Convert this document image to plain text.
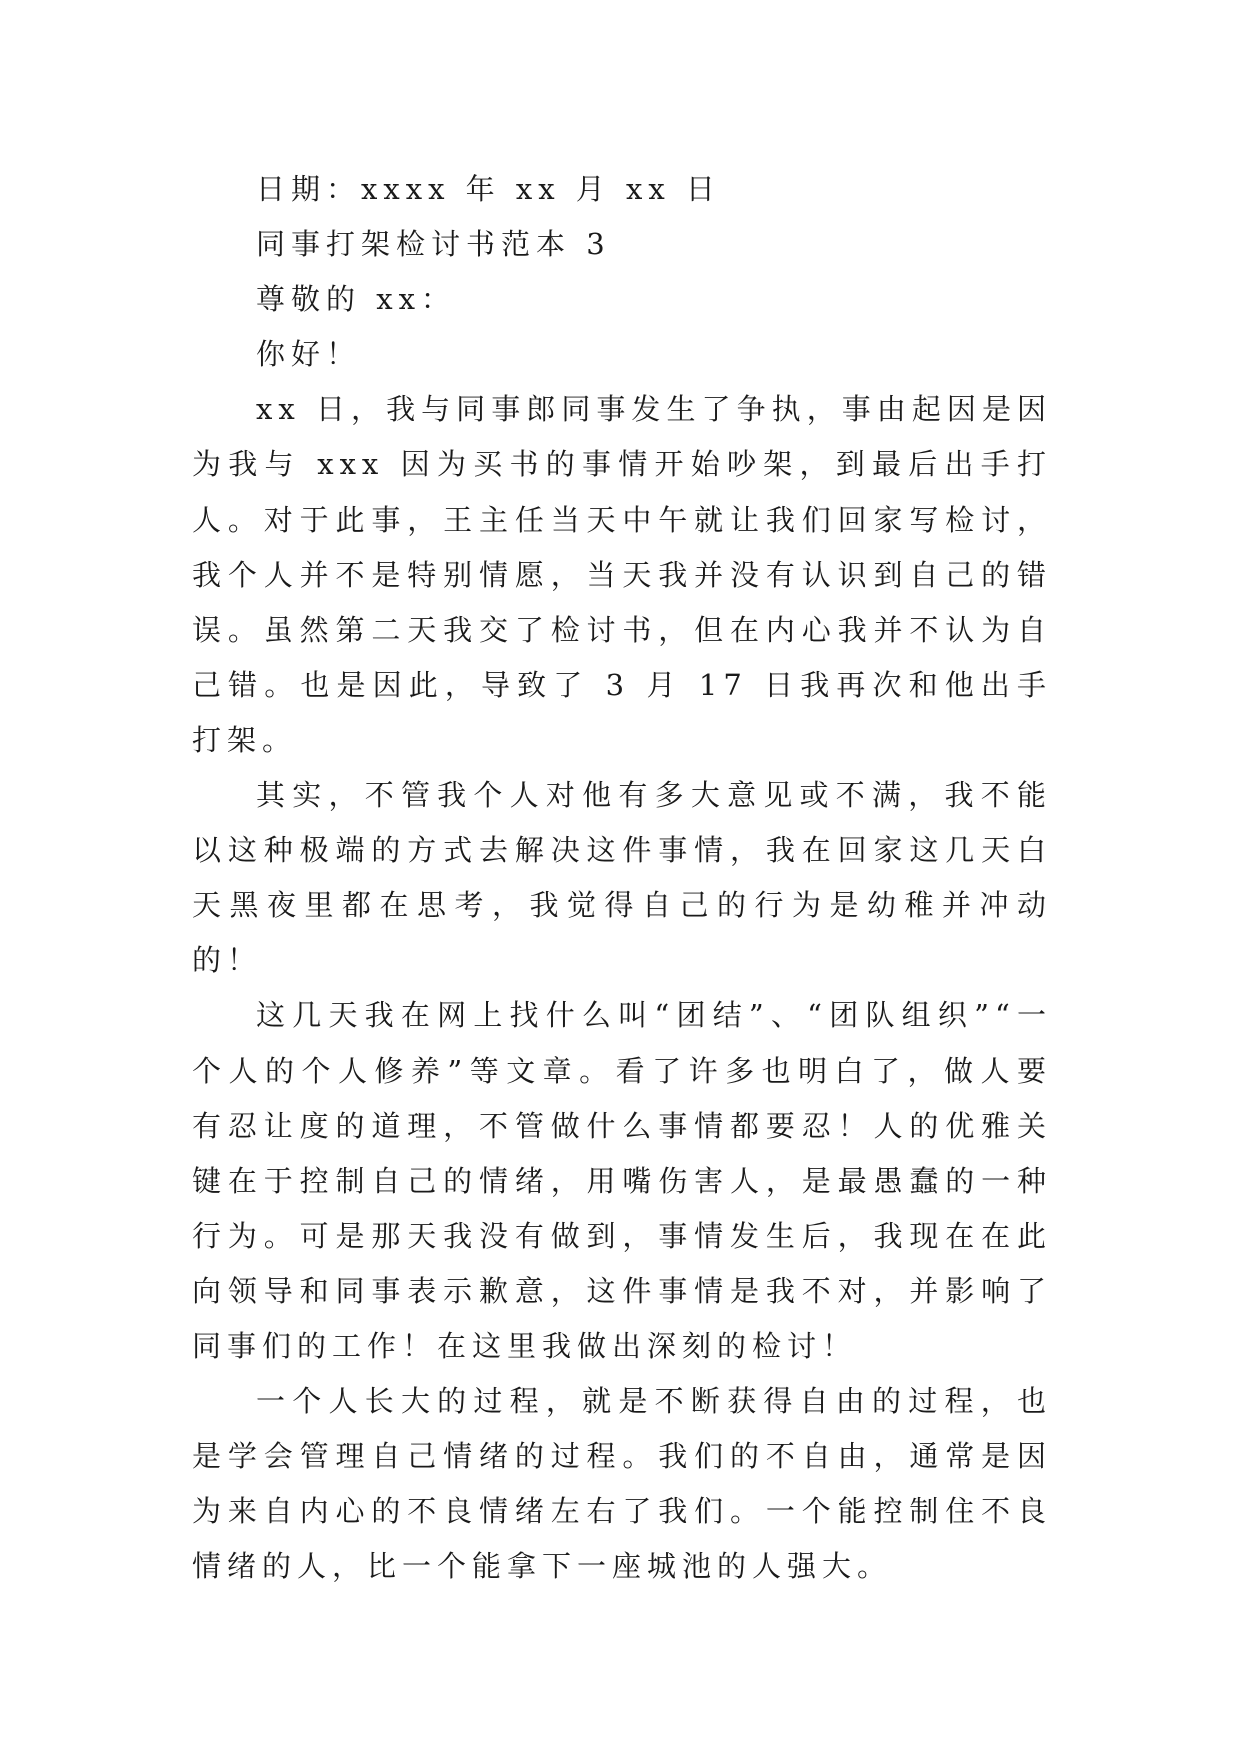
日期：xxxx 年 xx 月 xx 日

同事打架检讨书范本 3

尊敬的 xx：

你好！

xx 日，我与同事郎同事发生了争执，事由起因是因为我与 xxx 因为买书的事情开始吵架，到最后出手打人。对于此事，王主任当天中午就让我们回家写检讨，我个人并不是特别情愿，当天我并没有认识到自己的错误。虽然第二天我交了检讨书，但在内心我并不认为自己错。也是因此，导致了 3 月 17 日我再次和他出手打架。

其实，不管我个人对他有多大意见或不满，我不能以这种极端的方式去解决这件事情，我在回家这几天白天黑夜里都在思考，我觉得自己的行为是幼稚并冲动的！

这几天我在网上找什么叫“团结”、“团队组织”“一个人的个人修养”等文章。看了许多也明白了，做人要有忍让度的道理，不管做什么事情都要忍！人的优雅关键在于控制自己的情绪，用嘴伤害人，是最愚蠢的一种行为。可是那天我没有做到，事情发生后，我现在在此向领导和同事表示歉意，这件事情是我不对，并影响了同事们的工作！在这里我做出深刻的检讨！

一个人长大的过程，就是不断获得自由的过程，也是学会管理自己情绪的过程。我们的不自由，通常是因为来自内心的不良情绪左右了我们。一个能控制住不良情绪的人，比一个能拿下一座城池的人强大。
